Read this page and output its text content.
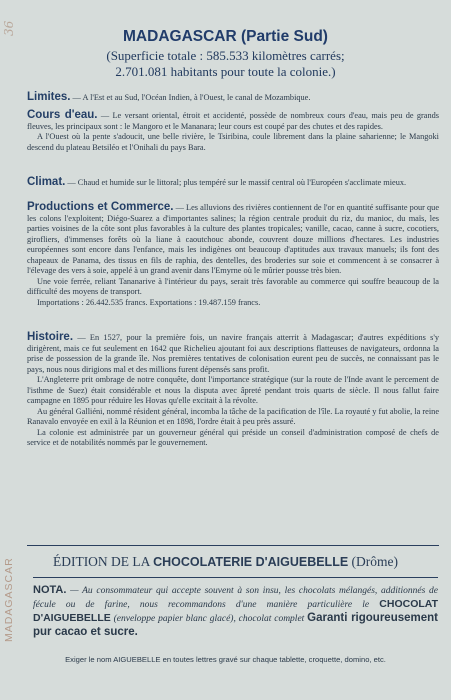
36
MADAGASCAR
MADAGASCAR (Partie Sud)
(Superficie totale : 585.533 kilomètres carrés;
2.701.081 habitants pour toute la colonie.)

Limites. — A l'Est et au Sud, l'Océan Indien, à l'Ouest, le canal de Mozambique.

Cours d'eau. — Le versant oriental, étroit et accidenté, possède de nombreux cours d'eau, mais peu de grands fleuves, les principaux sont : le Mangoro et le Mananara; leur cours est coupé par des chutes et des rapides.

A l'Ouest où la pente s'adoucit, une belle rivière, le Tsiribina, coule librement dans la plaine saharienne; le Mangoki descend du plateau Betsiléo et l'Onihali du pays Bara.

Climat. — Chaud et humide sur le littoral; plus tempéré sur le massif central où l'Européen s'acclimate mieux.

Productions et Commerce. — Les alluvions des rivières contiennent de l'or en quantité suffisante pour que les colons l'exploitent; Diégo-Suarez a d'importantes salines; la région centrale produit du riz, du manioc, du maïs, les parties voisines de la côte sont plus favorables à la culture des plantes tropicales; vanille, cacao, canne à sucre, cocotiers, girofliers, d'immenses forêts où la liane à caoutchouc abonde, couvrent douze millions d'hectares. Les industries européennes sont encore dans l'enfance, mais les indigènes ont beaucoup d'aptitudes aux travaux manuels; ils font des chapeaux de Panama, des tissus en fils de raphia, des dentelles, des broderies sur soie et commencent à se consacrer à l'élevage des vers à soie, appelé à un grand avenir dans l'Emyrne où le mûrier pousse très bien.

Une voie ferrée, reliant Tananarive à l'intérieur du pays, serait très favorable au commerce qui souffre beaucoup de la difficulté des moyens de transport.

Importations : 26.442.535 francs. Exportations : 19.487.159 francs.

Histoire. — En 1527, pour la première fois, un navire français atterrit à Madagascar; d'autres expéditions s'y dirigèrent, mais ce fut seulement en 1642 que Richelieu ajoutant foi aux descriptions flatteuses de navigateurs, ordonna la prise de possession de la grande île. Nos premières tentatives de colonisation eurent peu de succès, ne connaissant pas le pays, nous nous dirigions mal et des millions furent dépensés sans profit.

L'Angleterre prit ombrage de notre conquête, dont l'importance stratégique (sur la route de l'Inde avant le percement de l'isthme de Suez) était considérable et nous la disputa avec âpreté pendant trois quarts de siècle. Il nous fallut faire campagne en 1895 pour réduire les Hovas qu'elle excitait à la révolte.

Au général Galliéni, nommé résident général, incomba la tâche de la pacification de l'île. La royauté y fut abolie, la reine Ranavalo envoyée en exil à la Réunion et en 1898, l'ordre était à peu près assuré.

La colonie est administrée par un gouverneur général qui préside un conseil d'administration composé de chefs de service et de notabilités nommés par le gouvernement.

ÉDITION DE LA CHOCOLATERIE D'AIGUEBELLE (Drôme)
NOTA. — Au consommateur qui accepte souvent à son insu, les chocolats mélangés, additionnés de fécule ou de farine, nous recommandons d'une manière particulière le CHOCOLAT D'AIGUEBELLE (enveloppe papier blanc glacé), chocolat complet Garanti rigoureusement pur cacao et sucre.
Exiger le nom AIGUEBELLE en toutes lettres gravé sur chaque tablette, croquette, domino, etc.
